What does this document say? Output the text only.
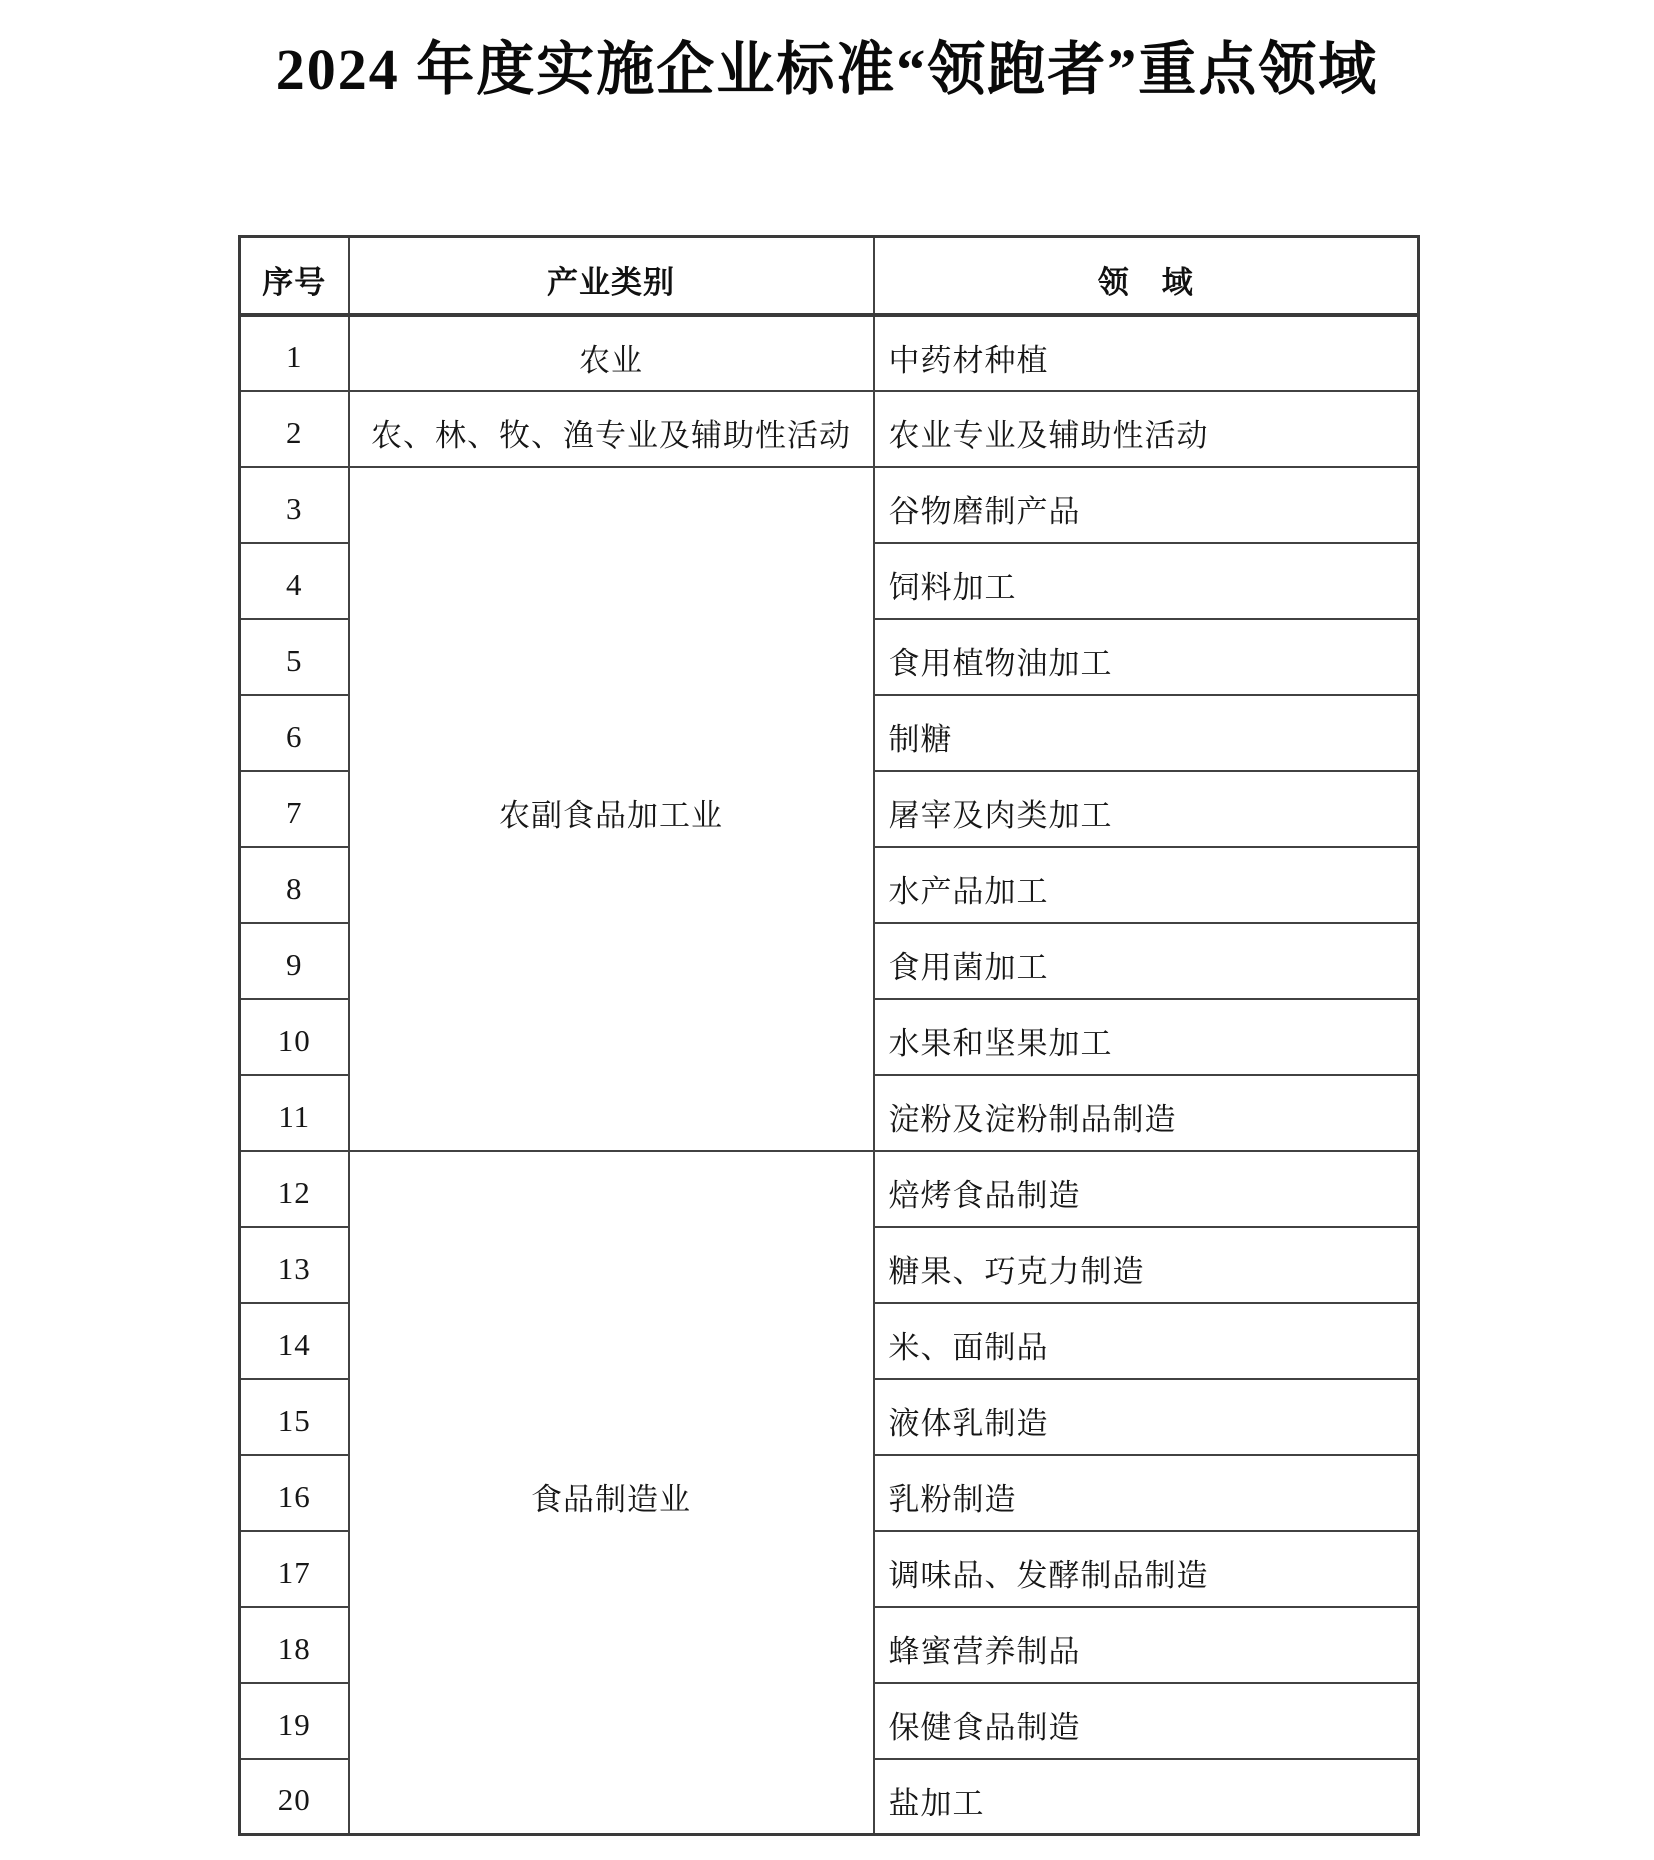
2024 年度实施企业标准“领跑者”重点领域
序号	产业类别	领　域
1	农业	中药材种植
2	农、林、牧、渔专业及辅助性活动	农业专业及辅助性活动
3	农副食品加工业	谷物磨制产品
4		饲料加工
5		食用植物油加工
6		制糖
7		屠宰及肉类加工
8		水产品加工
9		食用菌加工
10		水果和坚果加工
11		淀粉及淀粉制品制造
12	食品制造业	焙烤食品制造
13		糖果、巧克力制造
14		米、面制品
15		液体乳制造
16		乳粉制造
17		调味品、发酵制品制造
18		蜂蜜营养制品
19		保健食品制造
20		盐加工
